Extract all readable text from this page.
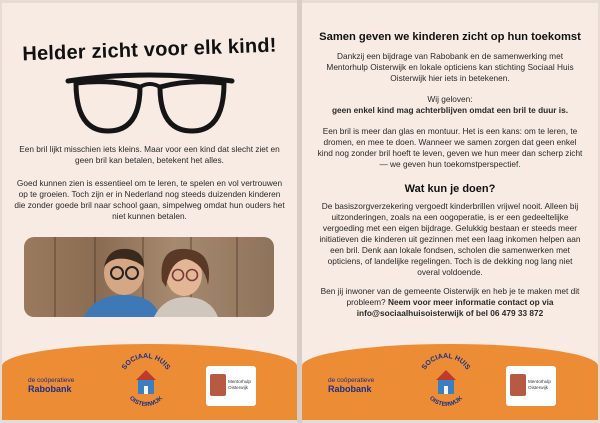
Helder zicht voor elk kind!
Een bril lijkt misschien iets kleins. Maar voor een kind dat slecht ziet en geen bril kan betalen, betekent het alles.
Goed kunnen zien is essentieel om te leren, te spelen en vol vertrouwen op te groeien. Toch zijn er in Nederland nog steeds duizenden kinderen die zonder goede bril naar school gaan, simpelweg omdat hun ouders het niet kunnen betalen.
de coöperatieve
Rabobank
SOCIAAL HUIS
OISTERWIJK
Mentorhulp
Oisterwijk
Samen geven we kinderen zicht op hun toekomst
Dankzij een bijdrage van Rabobank en de samenwerking met Mentorhulp Oisterwijk en lokale opticiens kan stichting Sociaal Huis Oisterwijk hier iets in betekenen.
Wij geloven:
geen enkel kind mag achterblijven omdat een bril te duur is.
Een bril is meer dan glas en montuur. Het is een kans: om te leren, te dromen, en mee te doen. Wanneer we samen zorgen dat geen enkel kind nog zonder bril hoeft te leven, geven we hun meer dan scherp zicht — we geven hun toekomstperspectief.
Wat kun je doen?
De basiszorgverzekering vergoedt kinderbrillen vrijwel nooit. Alleen bij uitzonderingen, zoals na een oogoperatie, is er een gedeeltelijke vergoeding met een eigen bijdrage. Gelukkig bestaan er steeds meer initiatieven die kinderen uit gezinnen met een laag inkomen helpen aan een bril. Denk aan lokale fondsen, scholen die samenwerken met opticiens, of landelijke regelingen. Toch is de dekking nog lang niet overal voldoende.
Ben jij inwoner van de gemeente Oisterwijk en heb je te maken met dit probleem? Neem voor meer informatie contact op via info@sociaalhuisoisterwijk of bel 06 479 33 872
de coöperatieve
Rabobank
SOCIAAL HUIS
OISTERWIJK
Mentorhulp
Oisterwijk
